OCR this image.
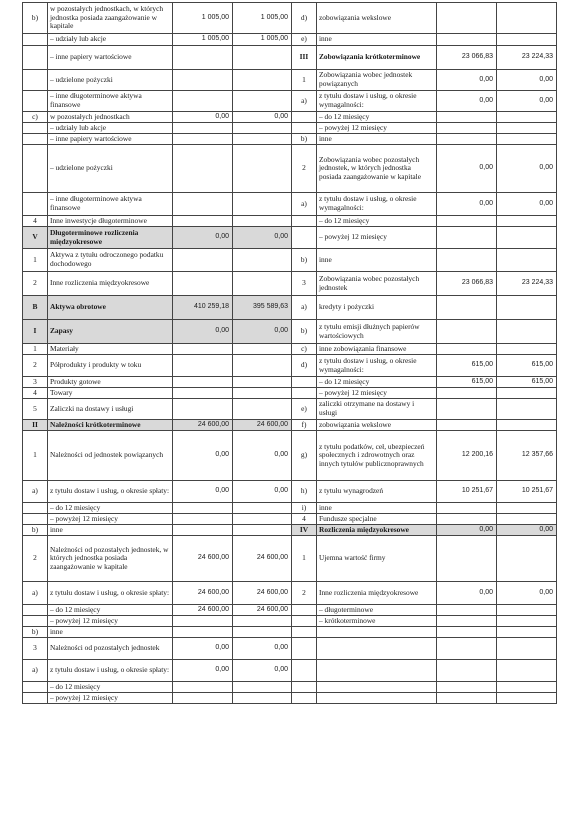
b)	w pozostałych jednostkach, w których jednostka posiada zaangażowanie w kapitale	1 005,00	1 005,00	d)	zobowiązania wekslowe		
	– udziały lub akcje	1 005,00	1 005,00	e)	inne		
	– inne papiery wartościowe			III	Zobowiązania krótkoterminowe	23 066,83	23 224,33
	– udzielone pożyczki			1	Zobowiązania wobec jednostek powiązanych	0,00	0,00
	– inne długoterminowe aktywa finansowe			a)	z tytułu dostaw i usług, o okresie wymagalności:	0,00	0,00
c)	w pozostałych jednostkach	0,00	0,00		– do 12 miesięcy		
	– udziały lub akcje				– powyżej 12 miesięcy		
	– inne papiery wartościowe			b)	inne		
	– udzielone pożyczki			2	Zobowiązania wobec pozostałych jednostek, w których jednostka posiada zaangażowanie w kapitale	0,00	0,00
	– inne długoterminowe aktywa finansowe			a)	z tytułu dostaw i usług, o okresie wymagalności:	0,00	0,00
4	Inne inwestycje długoterminowe				– do 12 miesięcy		
V	Długoterminowe rozliczenia międzyokresowe	0,00	0,00		– powyżej 12 miesięcy		
1	Aktywa z tytułu odroczonego podatku dochodowego			b)	inne		
2	Inne rozliczenia międzyokresowe			3	Zobowiązania wobec pozostałych jednostek	23 066,83	23 224,33
B	Aktywa obrotowe	410 259,18	395 589,63	a)	kredyty i pożyczki		
I	Zapasy	0,00	0,00	b)	z tytułu emisji dłużnych papierów wartościowych		
1	Materiały			c)	inne zobowiązania finansowe		
2	Półprodukty i produkty w toku			d)	z tytułu dostaw i usług, o okresie wymagalności:	615,00	615,00
3	Produkty gotowe				– do 12 miesięcy	615,00	615,00
4	Towary				– powyżej 12 miesięcy		
5	Zaliczki na dostawy i usługi			e)	zaliczki otrzymane na dostawy i usługi		
II	Należności krótkoterminowe	24 600,00	24 600,00	f)	zobowiązania wekslowe		
1	Należności od jednostek powiązanych	0,00	0,00	g)	z tytułu podatków, ceł, ubezpieczeń społecznych i zdrowotnych oraz innych tytułów publicznoprawnych	12 200,16	12 357,66
a)	z tytułu dostaw i usług, o okresie spłaty:	0,00	0,00	h)	z tytułu wynagrodzeń	10 251,67	10 251,67
	– do 12 miesięcy			i)	inne		
	– powyżej 12 miesięcy			4	Fundusze specjalne		
b)	inne			IV	Rozliczenia międzyokresowe	0,00	0,00
2	Należności od pozostałych jednostek, w których jednostka posiada zaangażowanie w kapitale	24 600,00	24 600,00	1	Ujemna wartość firmy		
a)	z tytułu dostaw i usług, o okresie spłaty:	24 600,00	24 600,00	2	Inne rozliczenia międzyokresowe	0,00	0,00
	– do 12 miesięcy	24 600,00	24 600,00		– długoterminowe		
	– powyżej 12 miesięcy				– krótkoterminowe		
b)	inne						
3	Należności od pozostałych jednostek	0,00	0,00				
a)	z tytułu dostaw i usług, o okresie spłaty:	0,00	0,00				
	– do 12 miesięcy						
	– powyżej 12 miesięcy						
